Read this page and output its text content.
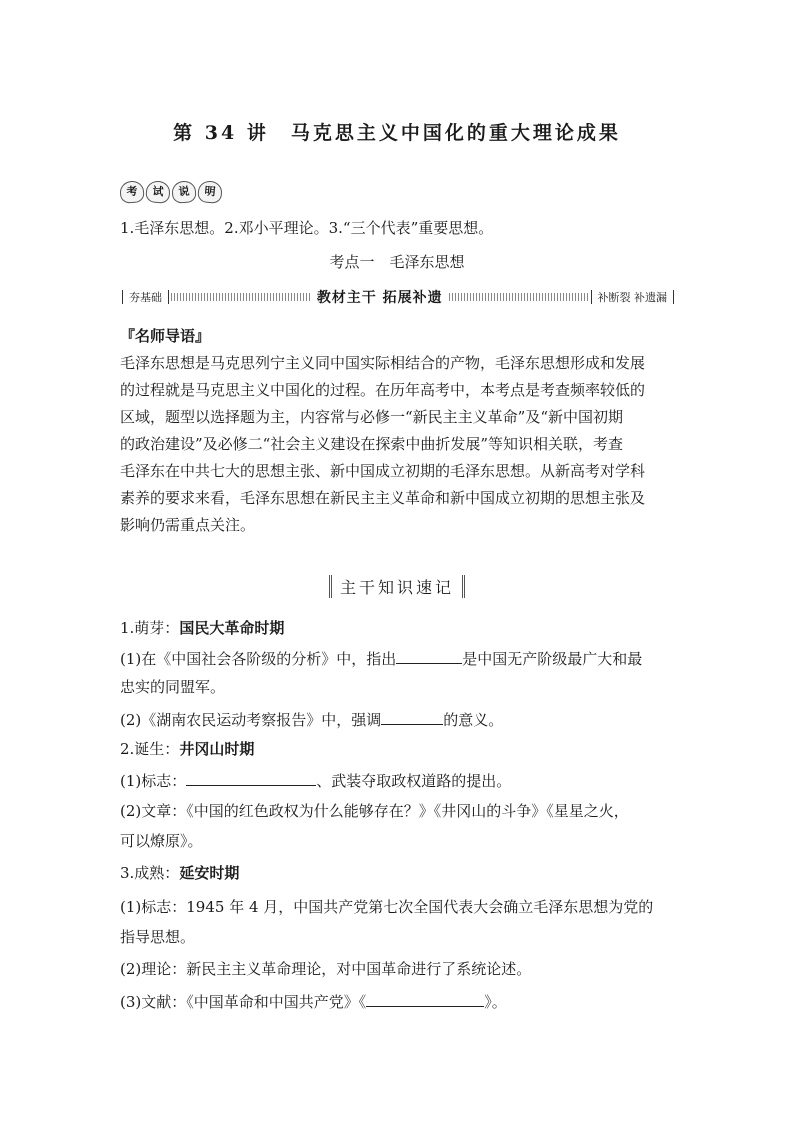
第 34 讲　马克思主义中国化的重大理论成果
考	试	说	明
1.毛泽东思想。2.邓小平理论。3.“三个代表”重要思想。
考点一　毛泽东思想
夯基础	教材主干 拓展补遗	补断裂 补遗漏
『名师导语』
毛泽东思想是马克思列宁主义同中国实际相结合的产物，毛泽东思想形成和发展
的过程就是马克思主义中国化的过程。在历年高考中，本考点是考查频率较低的
区域，题型以选择题为主，内容常与必修一“新民主主义革命”及“新中国初期
的政治建设”及必修二“社会主义建设在探索中曲折发展”等知识相关联，考查
毛泽东在中共七大的思想主张、新中国成立初期的毛泽东思想。从新高考对学科
素养的要求来看，毛泽东思想在新民主主义革命和新中国成立初期的思想主张及
影响仍需重点关注。
主干知识速记
1.萌芽：国民大革命时期
(1)在《中国社会各阶级的分析》中，指出	是中国无产阶级最广大和最
忠实的同盟军。
(2)《湖南农民运动考察报告》中，强调	的意义。
2.诞生：井冈山时期
(1)标志：	、武装夺取政权道路的提出。
(2)文章：《中国的红色政权为什么能够存在？》《井冈山的斗争》《星星之火，
可以燎原》。
3.成熟：延安时期
(1)标志：1945 年 4 月，中国共产党第七次全国代表大会确立毛泽东思想为党的
指导思想。
(2)理论：新民主主义革命理论，对中国革命进行了系统论述。
(3)文献：《中国革命和中国共产党》《	》。
